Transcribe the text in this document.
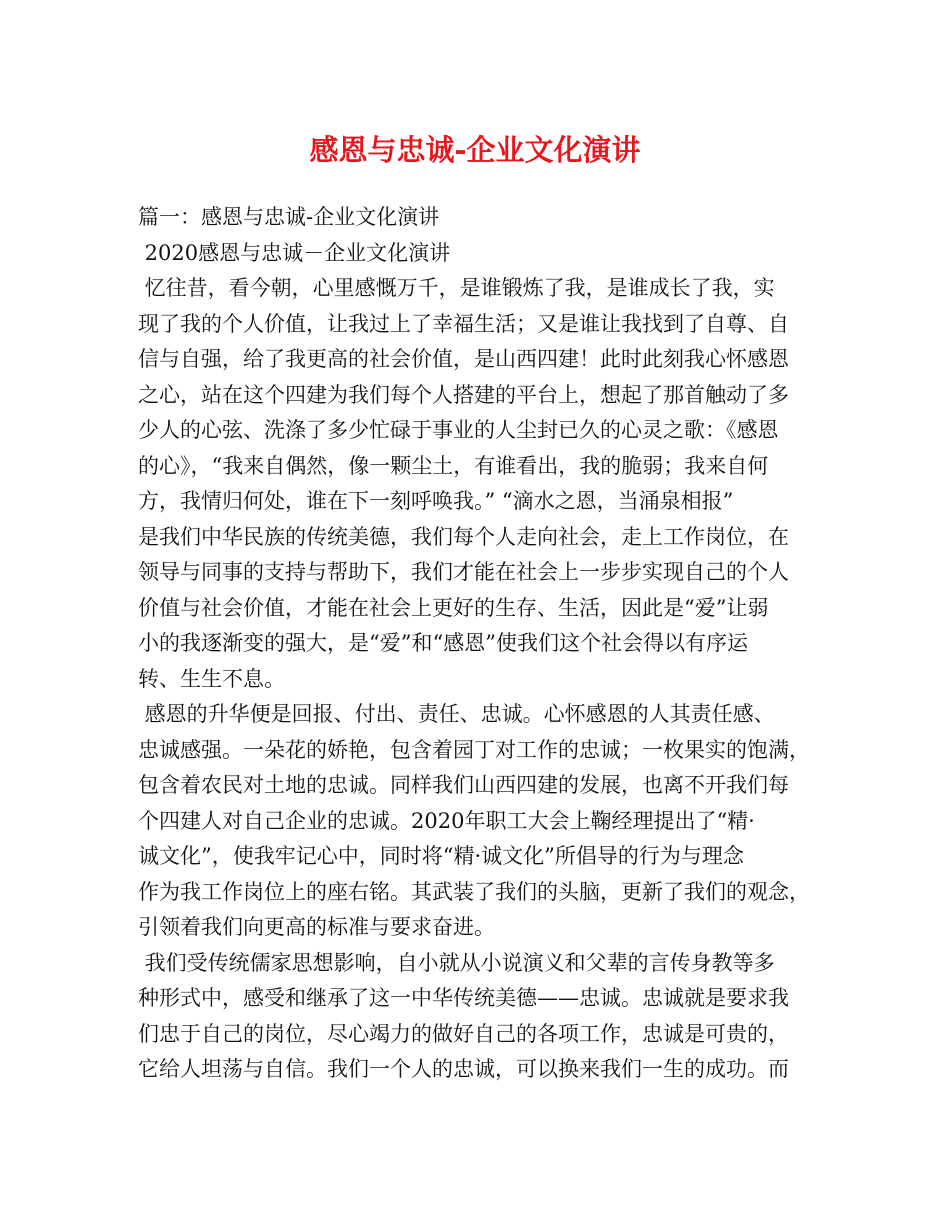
感恩与忠诚-企业文化演讲
篇一：感恩与忠诚-企业文化演讲
2020感恩与忠诚－企业文化演讲
忆往昔，看今朝，心里感慨万千，是谁锻炼了我，是谁成长了我，实
现了我的个人价值，让我过上了幸福生活；又是谁让我找到了自尊、自
信与自强，给了我更高的社会价值，是山西四建！此时此刻我心怀感恩
之心，站在这个四建为我们每个人搭建的平台上，想起了那首触动了多
少人的心弦、洗涤了多少忙碌于事业的人尘封已久的心灵之歌：《感恩
的心》，“我来自偶然，像一颗尘土，有谁看出，我的脆弱；我来自何
方，我情归何处，谁在下一刻呼唤我。” “滴水之恩，当涌泉相报”
是我们中华民族的传统美德，我们每个人走向社会，走上工作岗位，在
领导与同事的支持与帮助下，我们才能在社会上一步步实现自己的个人
价值与社会价值，才能在社会上更好的生存、生活，因此是“爱”让弱
小的我逐渐变的强大，是“爱”和“感恩”使我们这个社会得以有序运
转、生生不息。
感恩的升华便是回报、付出、责任、忠诚。心怀感恩的人其责任感、
忠诚感强。一朵花的娇艳，包含着园丁对工作的忠诚；一枚果实的饱满，
包含着农民对土地的忠诚。同样我们山西四建的发展，也离不开我们每
个四建人对自己企业的忠诚。2020年职工大会上鞠经理提出了“精·
诚文化”，使我牢记心中，同时将“精·诚文化”所倡导的行为与理念
作为我工作岗位上的座右铭。其武装了我们的头脑，更新了我们的观念，
引领着我们向更高的标准与要求奋进。
我们受传统儒家思想影响，自小就从小说演义和父辈的言传身教等多
种形式中，感受和继承了这一中华传统美德——忠诚。忠诚就是要求我
们忠于自己的岗位，尽心竭力的做好自己的各项工作，忠诚是可贵的，
它给人坦荡与自信。我们一个人的忠诚，可以换来我们一生的成功。而
